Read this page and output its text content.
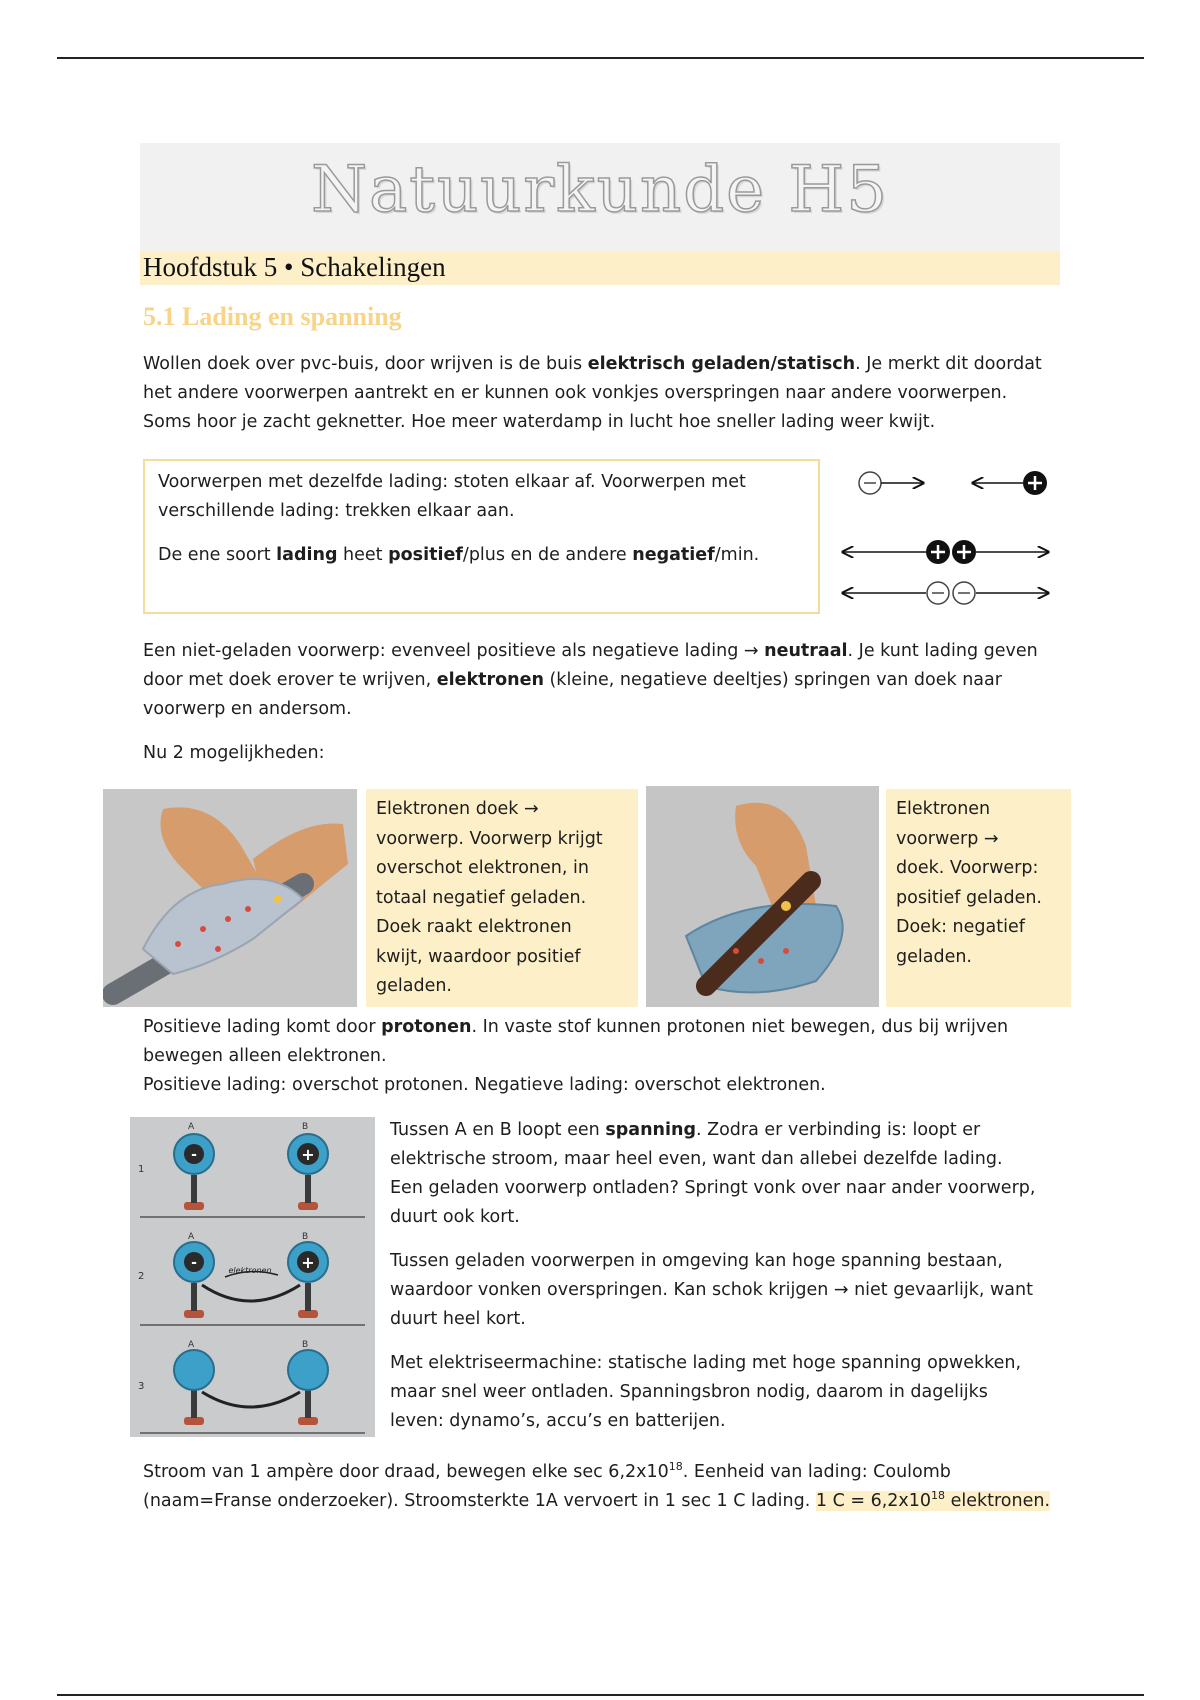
Natuurkunde H5
Hoofdstuk 5 • Schakelingen
5.1 Lading en spanning
Wollen doek over pvc-buis, door wrijven is de buis elektrisch geladen/statisch. Je merkt dit doordat
het andere voorwerpen aantrekt en er kunnen ook vonkjes overspringen naar andere voorwerpen.
Soms hoor je zacht geknetter. Hoe meer waterdamp in lucht hoe sneller lading weer kwijt.
Voorwerpen met dezelfde lading: stoten elkaar af. Voorwerpen met
verschillende lading: trekken elkaar aan.
De ene soort lading heet positief/plus en de andere negatief/min.
Een niet-geladen voorwerp: evenveel positieve als negatieve lading → neutraal. Je kunt lading geven
door met doek erover te wrijven, elektronen (kleine, negatieve deeltjes) springen van doek naar
voorwerp en andersom.
Nu 2 mogelijkheden:
Elektronen doek →
voorwerp. Voorwerp krijgt
overschot elektronen, in
totaal negatief geladen.
Doek raakt elektronen
kwijt, waardoor positief
geladen.
Elektronen
voorwerp →
doek. Voorwerp:
positief geladen.
Doek: negatief
geladen.
Positieve lading komt door protonen. In vaste stof kunnen protonen niet bewegen, dus bij wrijven
bewegen alleen elektronen.
Positieve lading: overschot protonen. Negatieve lading: overschot elektronen.
1
A	B
-	+
2
A	B
-	+
elektronen
3
A	B
Tussen A en B loopt een spanning. Zodra er verbinding is: loopt er
elektrische stroom, maar heel even, want dan allebei dezelfde lading.
Een geladen voorwerp ontladen? Springt vonk over naar ander voorwerp,
duurt ook kort.
Tussen geladen voorwerpen in omgeving kan hoge spanning bestaan,
waardoor vonken overspringen. Kan schok krijgen → niet gevaarlijk, want
duurt heel kort.
Met elektriseermachine: statische lading met hoge spanning opwekken,
maar snel weer ontladen. Spanningsbron nodig, daarom in dagelijks
leven: dynamo’s, accu’s en batterijen.
Stroom van 1 ampère door draad, bewegen elke $\sec 6,2x10^{18}$. Eenheid van lading: Coulomb
(naam=Franse onderzoeker). Stroomsterkte 1A vervoert in 1 sec 1 C lading. 1 $C = 6,2x10^{18}$ elektronen.
